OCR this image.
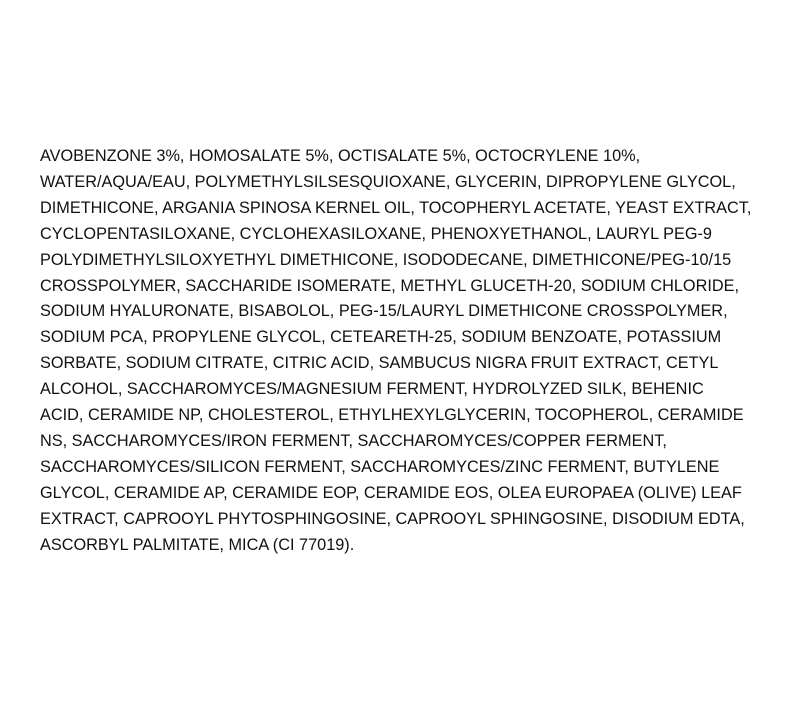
AVOBENZONE 3%, HOMOSALATE 5%, OCTISALATE 5%, OCTOCRYLENE 10%,
WATER/AQUA/EAU, POLYMETHYLSILSESQUIOXANE, GLYCERIN, DIPROPYLENE GLYCOL,
DIMETHICONE, ARGANIA SPINOSA KERNEL OIL, TOCOPHERYL ACETATE, YEAST EXTRACT,
CYCLOPENTASILOXANE, CYCLOHEXASILOXANE, PHENOXYETHANOL, LAURYL PEG-9
POLYDIMETHYLSILOXYETHYL DIMETHICONE, ISODODECANE, DIMETHICONE/PEG-10/15
CROSSPOLYMER, SACCHARIDE ISOMERATE, METHYL GLUCETH-20, SODIUM CHLORIDE,
SODIUM HYALURONATE, BISABOLOL, PEG-15/LAURYL DIMETHICONE CROSSPOLYMER,
SODIUM PCA, PROPYLENE GLYCOL, CETEARETH-25, SODIUM BENZOATE, POTASSIUM
SORBATE, SODIUM CITRATE, CITRIC ACID, SAMBUCUS NIGRA FRUIT EXTRACT, CETYL
ALCOHOL, SACCHAROMYCES/MAGNESIUM FERMENT, HYDROLYZED SILK, BEHENIC
ACID, CERAMIDE NP, CHOLESTEROL, ETHYLHEXYLGLYCERIN, TOCOPHEROL, CERAMIDE
NS, SACCHAROMYCES/IRON FERMENT, SACCHAROMYCES/COPPER FERMENT,
SACCHAROMYCES/SILICON FERMENT, SACCHAROMYCES/ZINC FERMENT, BUTYLENE
GLYCOL, CERAMIDE AP, CERAMIDE EOP, CERAMIDE EOS, OLEA EUROPAEA (OLIVE) LEAF
EXTRACT, CAPROOYL PHYTOSPHINGOSINE, CAPROOYL SPHINGOSINE, DISODIUM EDTA,
ASCORBYL PALMITATE, MICA (CI 77019).
